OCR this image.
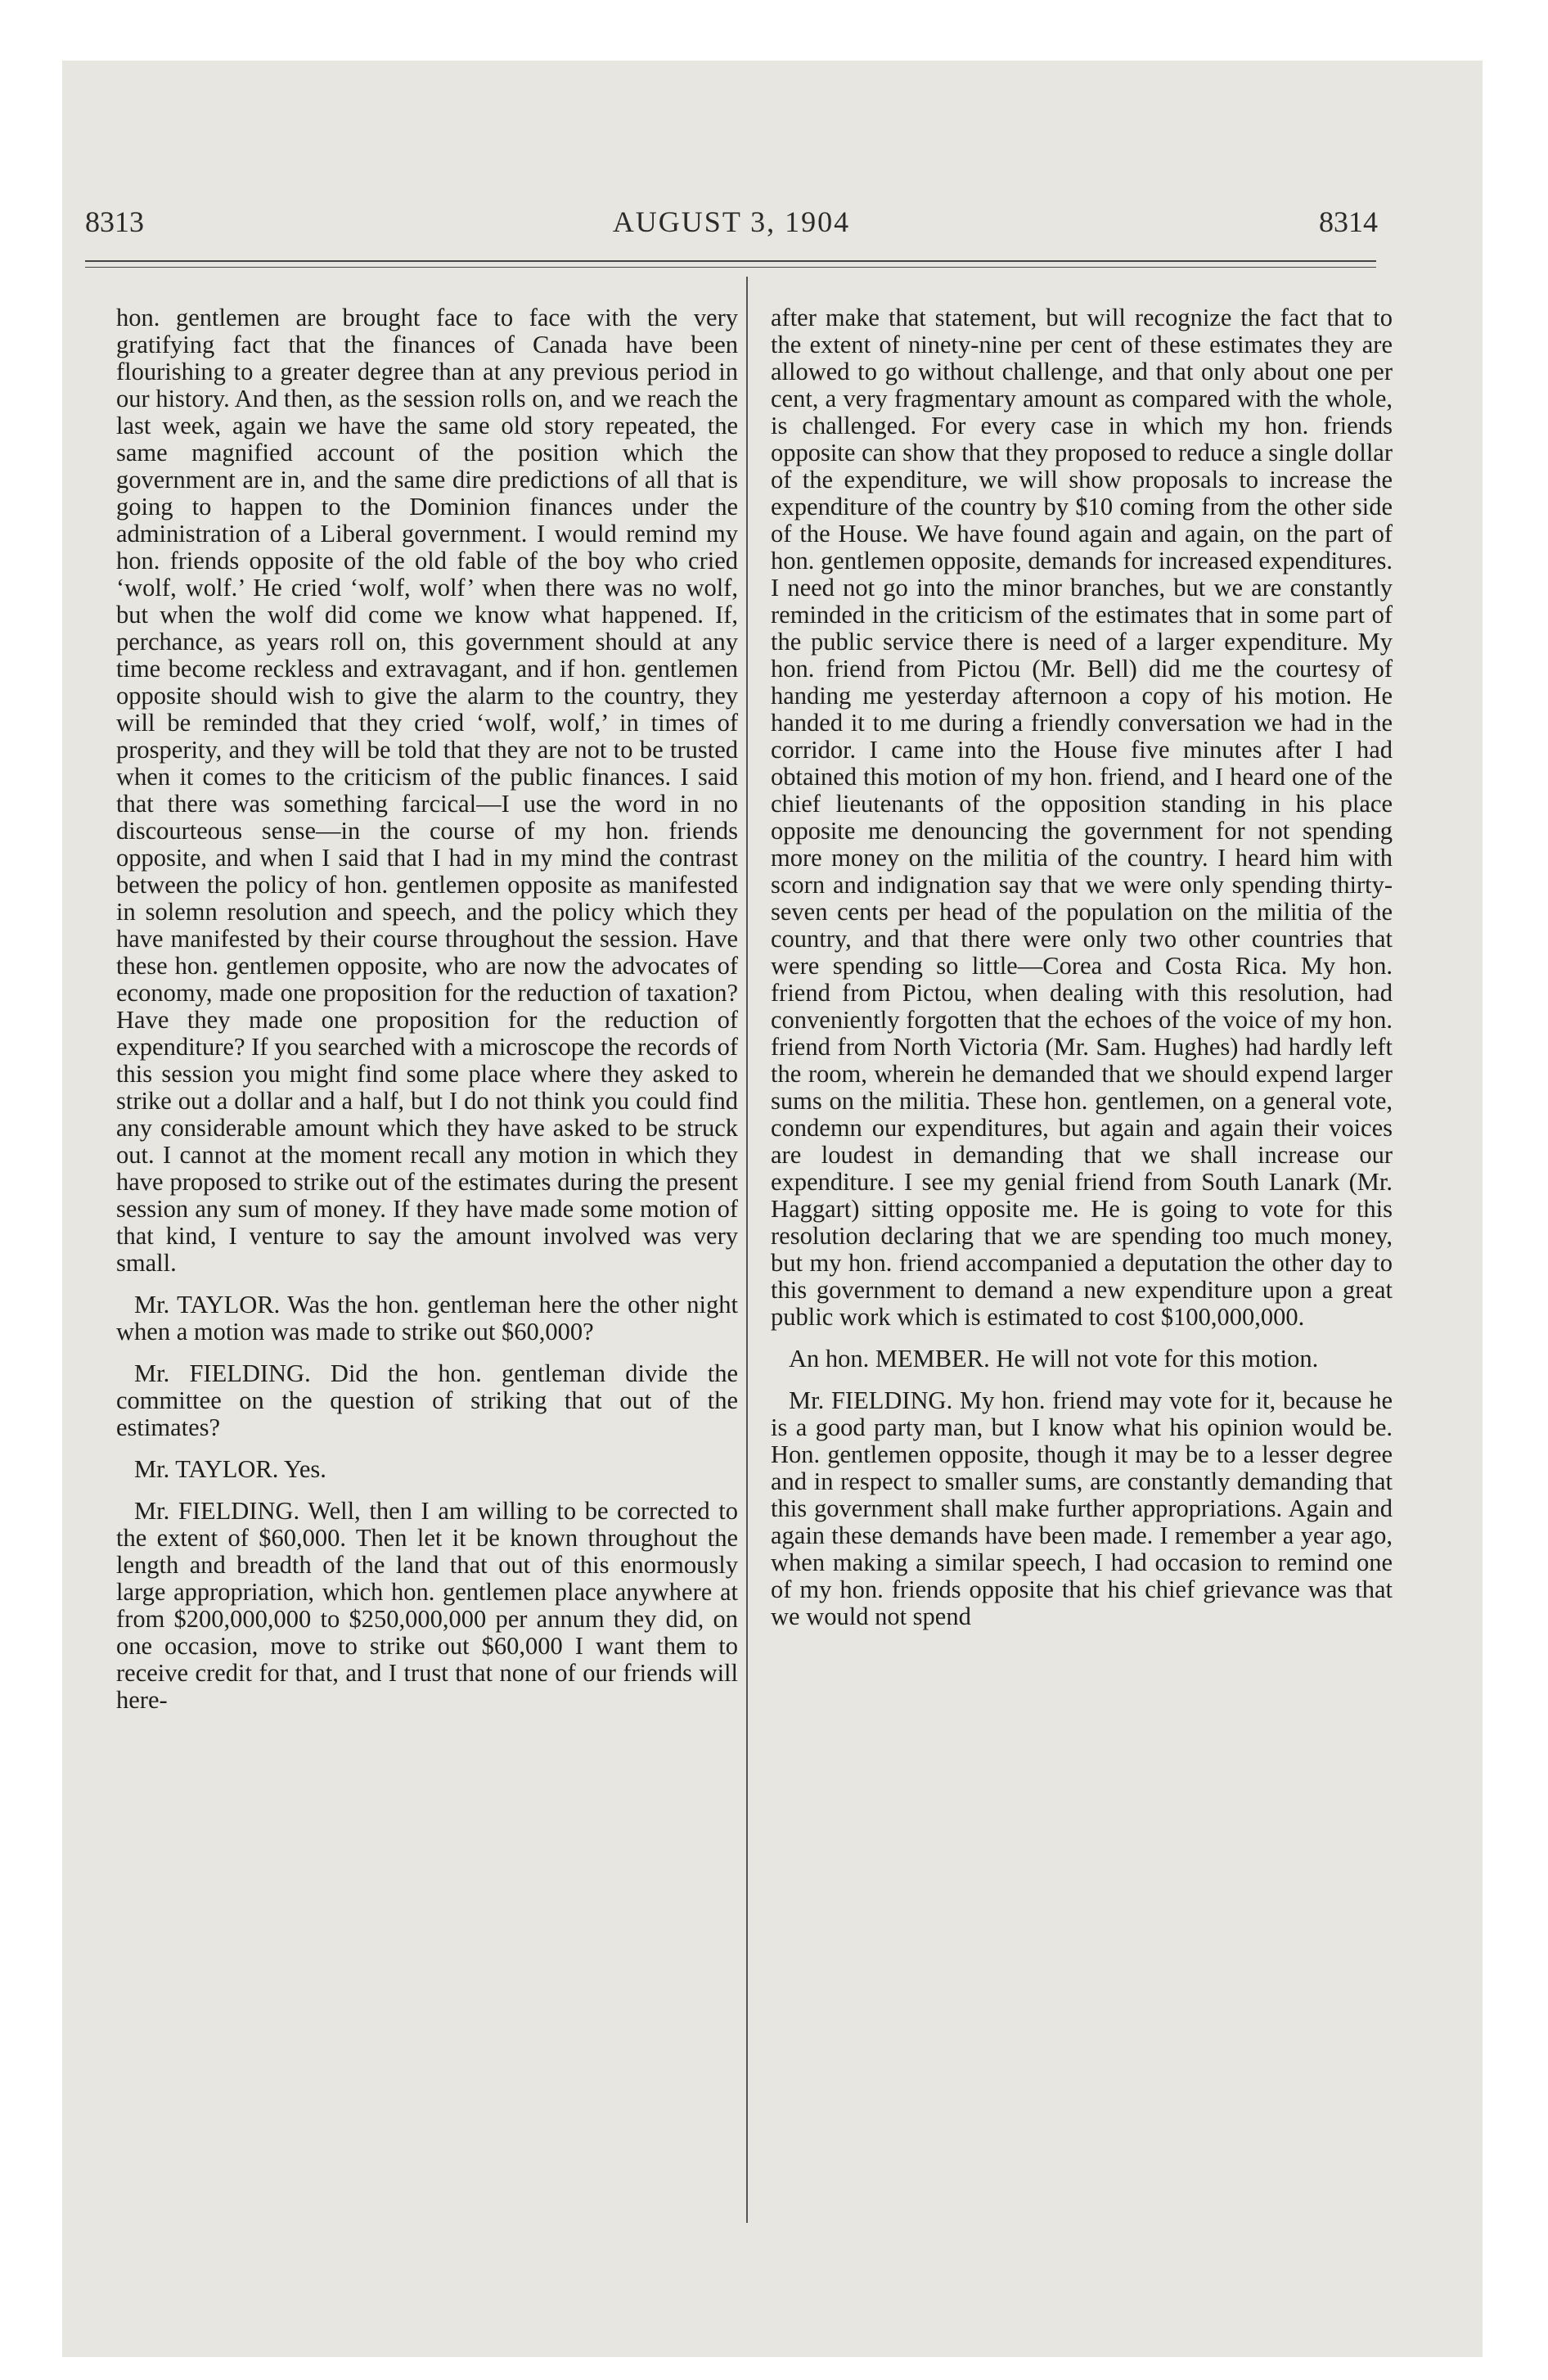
8313	AUGUST 3, 1904	8314

hon. gentlemen are brought face to face with the very gratifying fact that the finances of Canada have been flourishing to a greater degree than at any previous period in our history. And then, as the session rolls on, and we reach the last week, again we have the same old story repeated, the same magnified account of the position which the government are in, and the same dire predictions of all that is going to happen to the Dominion finances under the administration of a Liberal government. I would remind my hon. friends opposite of the old fable of the boy who cried ‘wolf, wolf.’ He cried ‘wolf, wolf’ when there was no wolf, but when the wolf did come we know what happened. If, perchance, as years roll on, this government should at any time become reckless and extravagant, and if hon. gentlemen opposite should wish to give the alarm to the country, they will be reminded that they cried ‘wolf, wolf,’ in times of prosperity, and they will be told that they are not to be trusted when it comes to the criticism of the public finances. I said that there was something farcical—I use the word in no discourteous sense—in the course of my hon. friends opposite, and when I said that I had in my mind the contrast between the policy of hon. gentlemen opposite as manifested in solemn resolution and speech, and the policy which they have manifested by their course throughout the session. Have these hon. gentlemen opposite, who are now the advocates of economy, made one proposition for the reduction of taxation? Have they made one proposition for the reduction of expenditure? If you searched with a microscope the records of this session you might find some place where they asked to strike out a dollar and a half, but I do not think you could find any considerable amount which they have asked to be struck out. I cannot at the moment recall any motion in which they have proposed to strike out of the estimates during the present session any sum of money. If they have made some motion of that kind, I venture to say the amount involved was very small.

Mr. TAYLOR. Was the hon. gentleman here the other night when a motion was made to strike out $60,000?

Mr. FIELDING. Did the hon. gentleman divide the committee on the question of striking that out of the estimates?

Mr. TAYLOR. Yes.

Mr. FIELDING. Well, then I am willing to be corrected to the extent of $60,000. Then let it be known throughout the length and breadth of the land that out of this enormously large appropriation, which hon. gentlemen place anywhere at from $200,000,000 to $250,000,000 per annum they did, on one occasion, move to strike out $60,000 I want them to receive credit for that, and I trust that none of our friends will here-

after make that statement, but will recognize the fact that to the extent of ninety-nine per cent of these estimates they are allowed to go without challenge, and that only about one per cent, a very fragmentary amount as compared with the whole, is challenged. For every case in which my hon. friends opposite can show that they proposed to reduce a single dollar of the expenditure, we will show proposals to increase the expenditure of the country by $10 coming from the other side of the House. We have found again and again, on the part of hon. gentlemen opposite, demands for increased expenditures. I need not go into the minor branches, but we are constantly reminded in the criticism of the estimates that in some part of the public service there is need of a larger expenditure. My hon. friend from Pictou (Mr. Bell) did me the courtesy of handing me yesterday afternoon a copy of his motion. He handed it to me during a friendly conversation we had in the corridor. I came into the House five minutes after I had obtained this motion of my hon. friend, and I heard one of the chief lieutenants of the opposition standing in his place opposite me denouncing the government for not spending more money on the militia of the country. I heard him with scorn and indignation say that we were only spending thirty-seven cents per head of the population on the militia of the country, and that there were only two other countries that were spending so little—Corea and Costa Rica. My hon. friend from Pictou, when dealing with this resolution, had conveniently forgotten that the echoes of the voice of my hon. friend from North Victoria (Mr. Sam. Hughes) had hardly left the room, wherein he demanded that we should expend larger sums on the militia. These hon. gentlemen, on a general vote, condemn our expenditures, but again and again their voices are loudest in demanding that we shall increase our expenditure. I see my genial friend from South Lanark (Mr. Haggart) sitting opposite me. He is going to vote for this resolution declaring that we are spending too much money, but my hon. friend accompanied a deputation the other day to this government to demand a new expenditure upon a great public work which is estimated to cost $100,000,000.

An hon. MEMBER. He will not vote for this motion.

Mr. FIELDING. My hon. friend may vote for it, because he is a good party man, but I know what his opinion would be. Hon. gentlemen opposite, though it may be to a lesser degree and in respect to smaller sums, are constantly demanding that this government shall make further appropriations. Again and again these demands have been made. I remember a year ago, when making a similar speech, I had occasion to remind one of my hon. friends opposite that his chief grievance was that we would not spend
